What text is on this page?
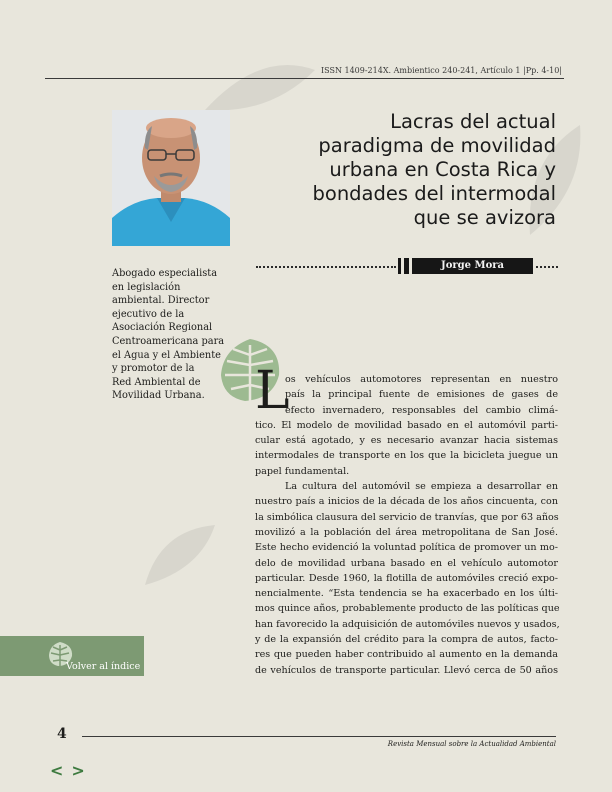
ISSN 1409-214X. Ambientico 240-241, Artículo 1 |Pp. 4-10|
Lacras del actual
paradigma de movilidad
urbana en Costa Rica y
bondades del intermodal
que se avizora
Jorge Mora
Abogado especialista
en legislación
ambiental. Director
ejecutivo de la
Asociación Regional
Centroamericana para
el Agua y el Ambiente
y promotor de la
Red Ambiental de
Movilidad Urbana. L
os vehículos automotores representan en nuestro
país la principal fuente de emisiones de gases de
efecto invernadero, responsables del cambio climá-
tico. El modelo de movilidad basado en el automóvil parti-
cular está agotado, y es necesario avanzar hacia sistemas
intermodales de transporte en los que la bicicleta juegue un
papel fundamental.
La cultura del automóvil se empieza a desarrollar en
nuestro país a inicios de la década de los años cincuenta, con
la simbólica clausura del servicio de tranvías, que por 63 años
movilizó a la población del área metropolitana de San José.
Este hecho evidenció la voluntad política de promover un mo-
delo de movilidad urbana basado en el vehículo automotor
particular. Desde 1960, la flotilla de automóviles creció expo-
nencialmente. “Esta tendencia se ha exacerbado en los últi-
mos quince años, probablemente producto de las políticas que
han favorecido la adquisición de automóviles nuevos y usados,
y de la expansión del crédito para la compra de autos, facto-
res que pueden haber contribuido al aumento en la demanda
de vehículos de transporte particular. Llevó cerca de 50 años
Volver al índice
4
Revista Mensual sobre la Actualidad Ambiental
< >
